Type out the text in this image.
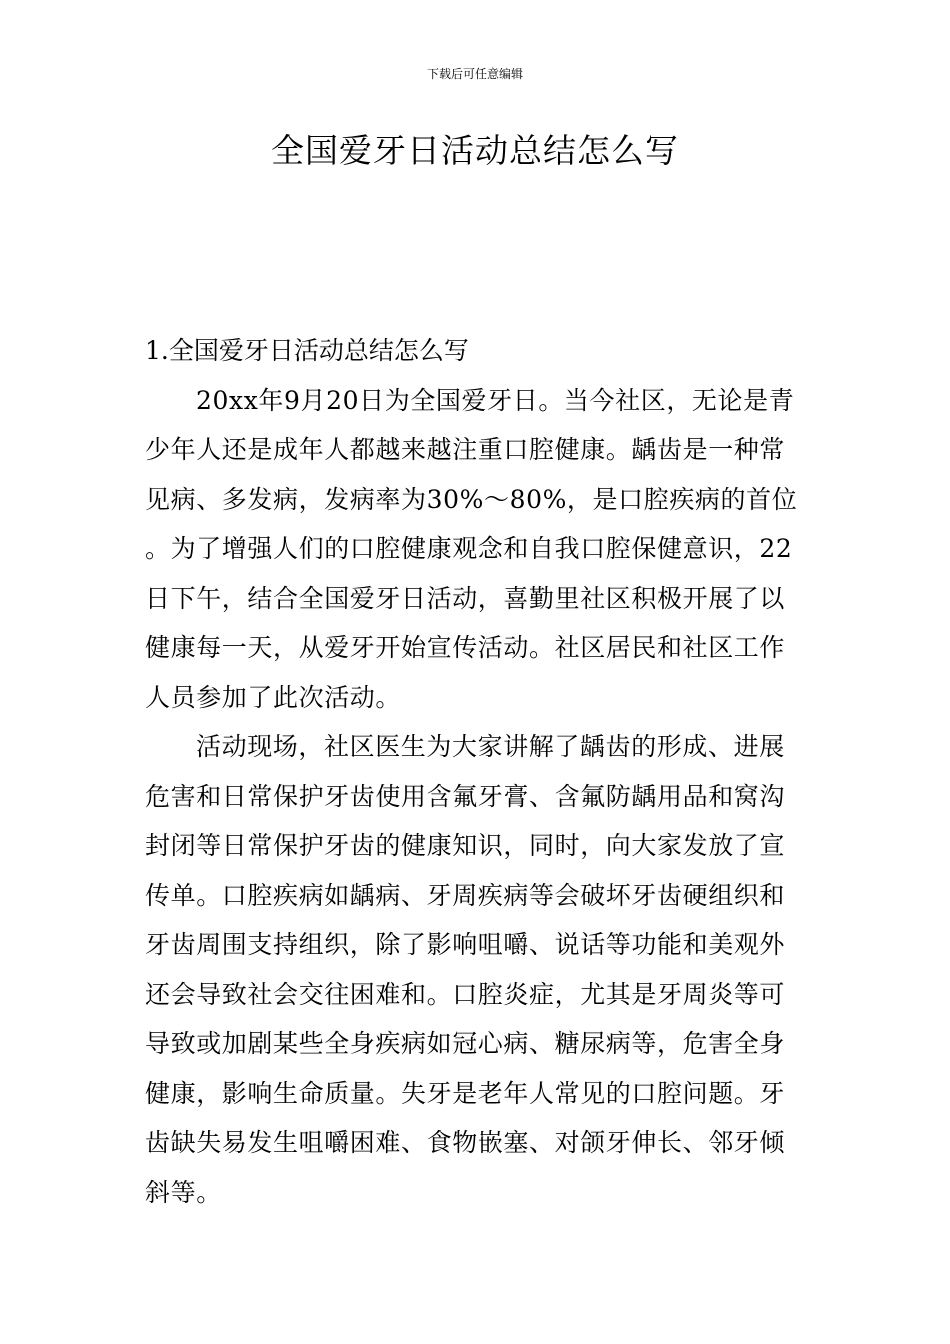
下载后可任意编辑
全国爱牙日活动总结怎么写

1.全国爱牙日活动总结怎么写

20xx年9月20日为全国爱牙日。当今社区，无论是青少年人还是成年人都越来越注重口腔健康。龋齿是一种常见病、多发病，发病率为30%～80%，是口腔疾病的首位。为了增强人们的口腔健康观念和自我口腔保健意识，22日下午，结合全国爱牙日活动，喜勤里社区积极开展了以健康每一天，从爱牙开始宣传活动。社区居民和社区工作人员参加了此次活动。

活动现场，社区医生为大家讲解了龋齿的形成、进展危害和日常保护牙齿使用含氟牙膏、含氟防龋用品和窝沟封闭等日常保护牙齿的健康知识，同时，向大家发放了宣传单。口腔疾病如龋病、牙周疾病等会破坏牙齿硬组织和牙齿周围支持组织，除了影响咀嚼、说话等功能和美观外还会导致社会交往困难和。口腔炎症，尤其是牙周炎等可导致或加剧某些全身疾病如冠心病、糖尿病等，危害全身健康，影响生命质量。失牙是老年人常见的口腔问题。牙齿缺失易发生咀嚼困难、食物嵌塞、对颌牙伸长、邻牙倾斜等。
